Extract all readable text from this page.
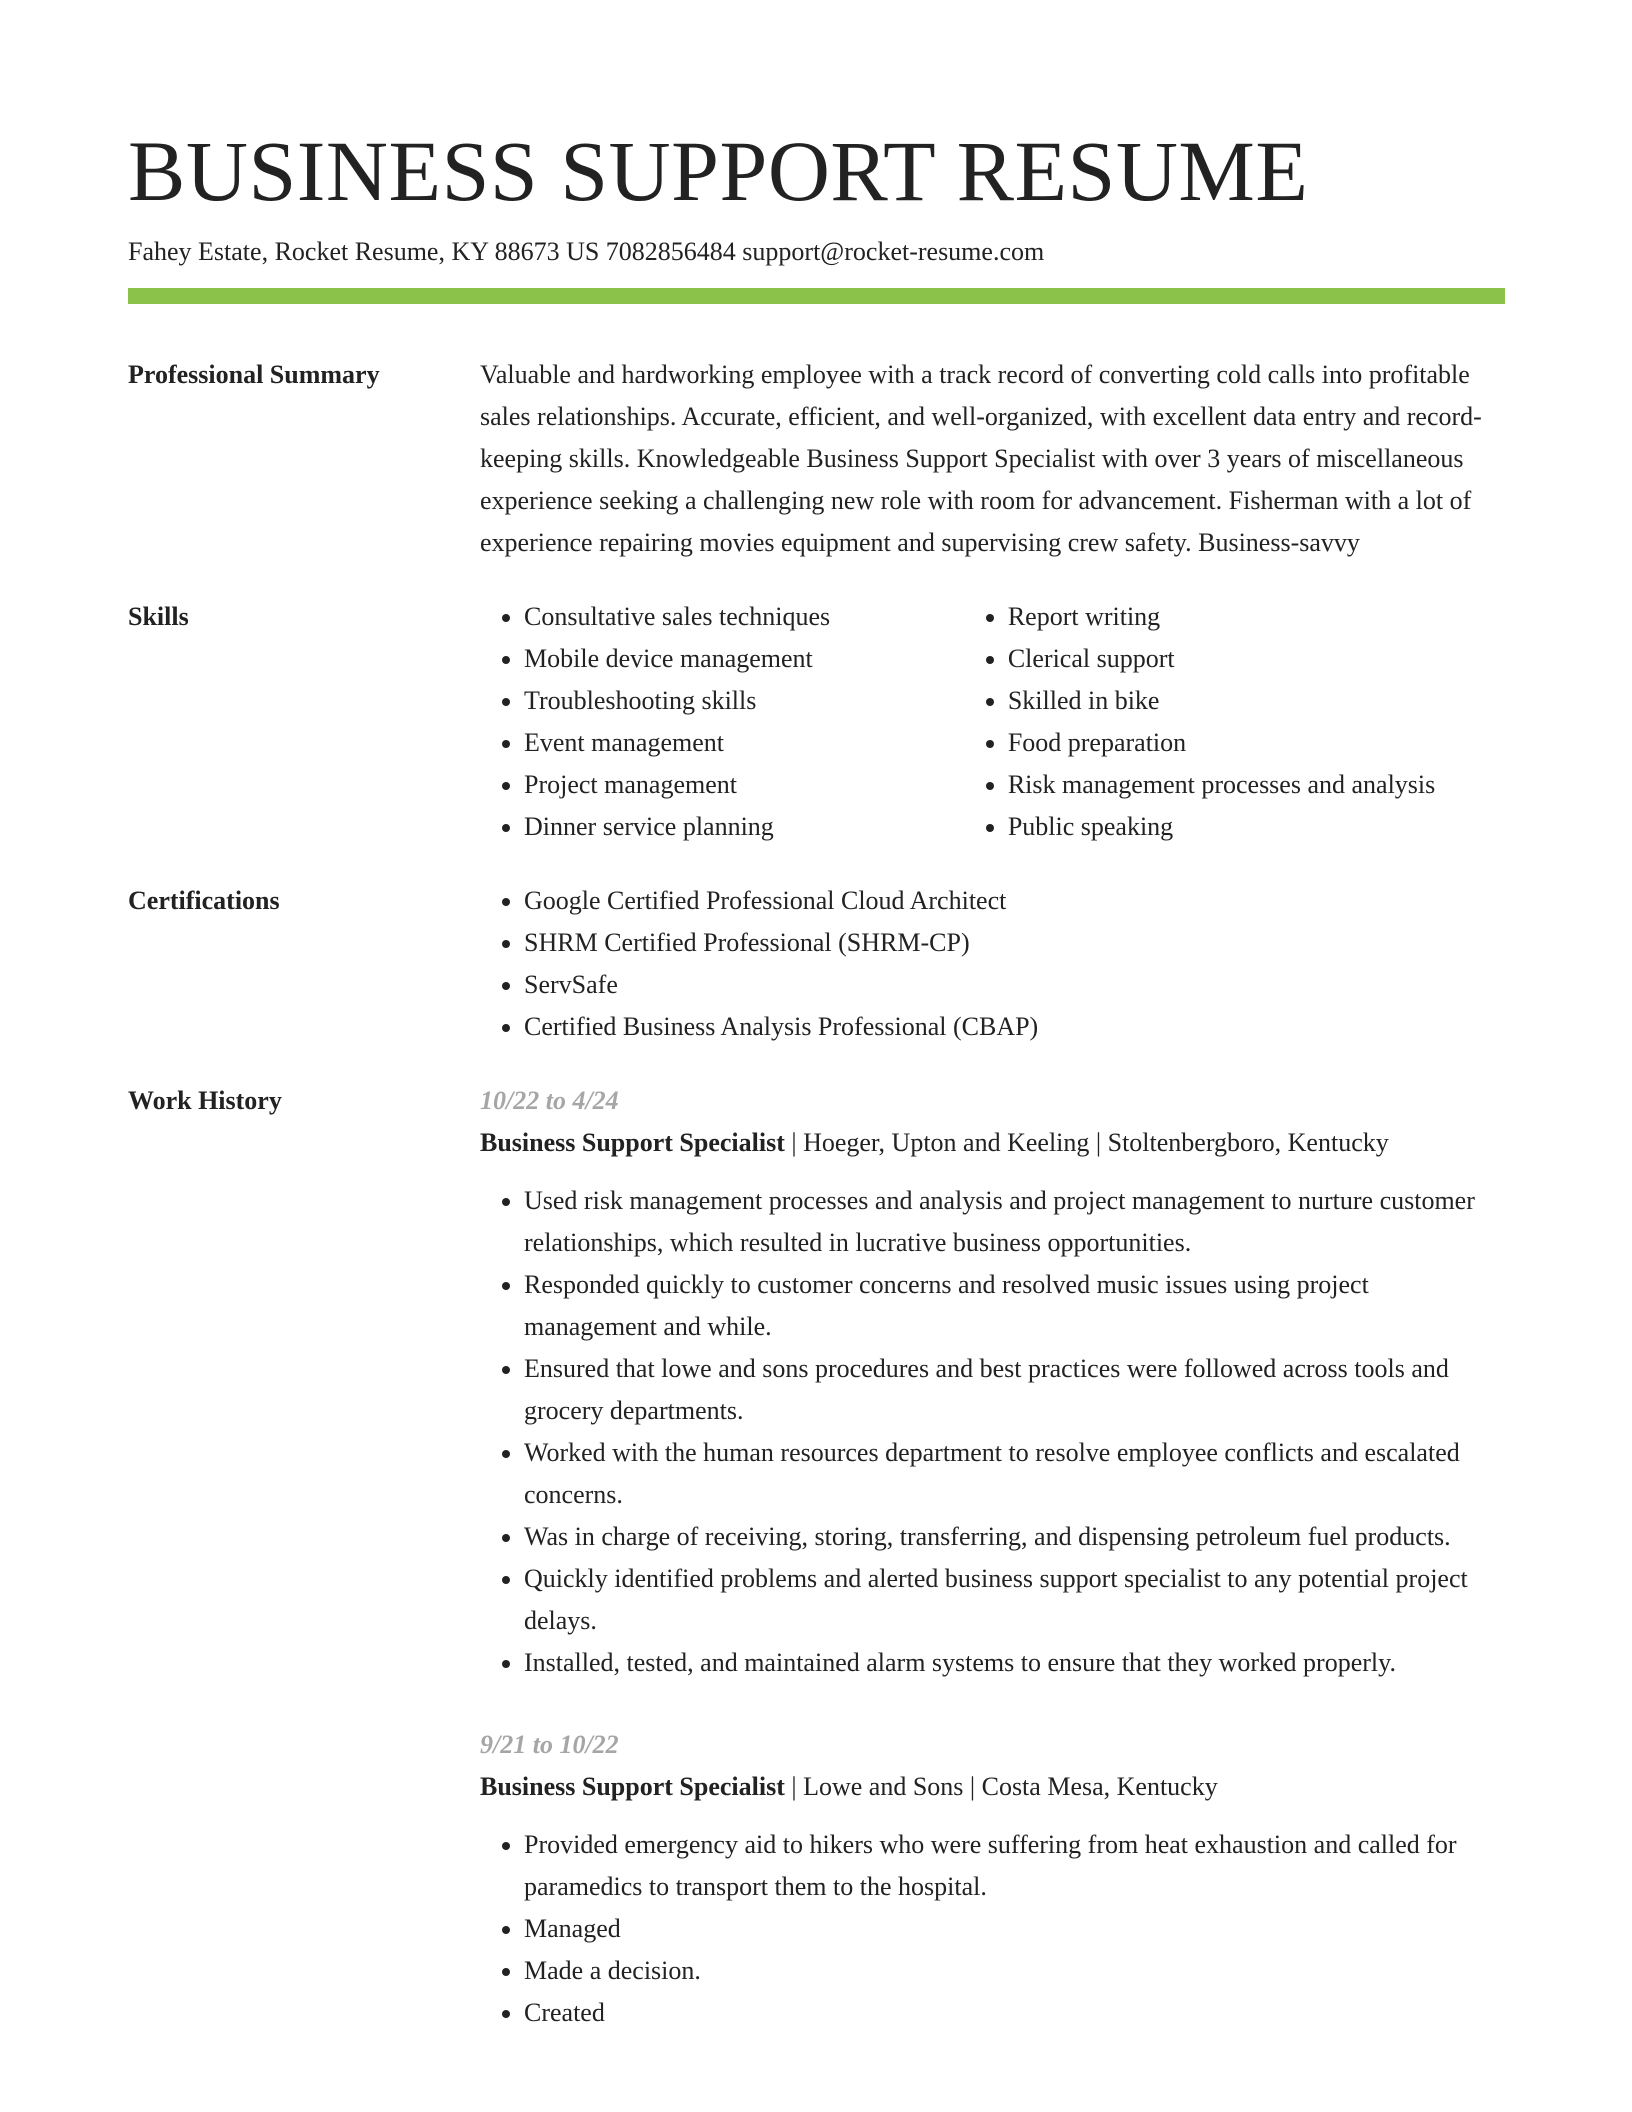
BUSINESS SUPPORT RESUME
Fahey Estate, Rocket Resume, KY 88673 US 7082856484 support@rocket-resume.com
Professional Summary	Valuable and hardworking employee with a track record of converting cold calls into profitable sales relationships. Accurate, efficient, and well-organized, with excellent data entry and record-keeping skills. Knowledgeable Business Support Specialist with over 3 years of miscellaneous experience seeking a challenging new role with room for advancement. Fisherman with a lot of experience repairing movies equipment and supervising crew safety. Business-savvy

Skills	• Consultative sales techniques
• Mobile device management
• Troubleshooting skills
• Event management
• Project management
• Dinner service planning
• Report writing
• Clerical support
• Skilled in bike
• Food preparation
• Risk management processes and analysis
• Public speaking
Certifications	• Google Certified Professional Cloud Architect
• SHRM Certified Professional (SHRM-CP)
• ServSafe
• Certified Business Analysis Professional (CBAP)
Work History	10/22 to 4/24
Business Support Specialist | Hoeger, Upton and Keeling | Stoltenbergboro, Kentucky
• Used risk management processes and analysis and project management to nurture customer relationships, which resulted in lucrative business opportunities.
• Responded quickly to customer concerns and resolved music issues using project management and while.
• Ensured that lowe and sons procedures and best practices were followed across tools and grocery departments.
• Worked with the human resources department to resolve employee conflicts and escalated concerns.
• Was in charge of receiving, storing, transferring, and dispensing petroleum fuel products.
• Quickly identified problems and alerted business support specialist to any potential project delays.
• Installed, tested, and maintained alarm systems to ensure that they worked properly.
9/21 to 10/22
Business Support Specialist | Lowe and Sons | Costa Mesa, Kentucky
• Provided emergency aid to hikers who were suffering from heat exhaustion and called for paramedics to transport them to the hospital.
• Managed
• Made a decision.
• Created
